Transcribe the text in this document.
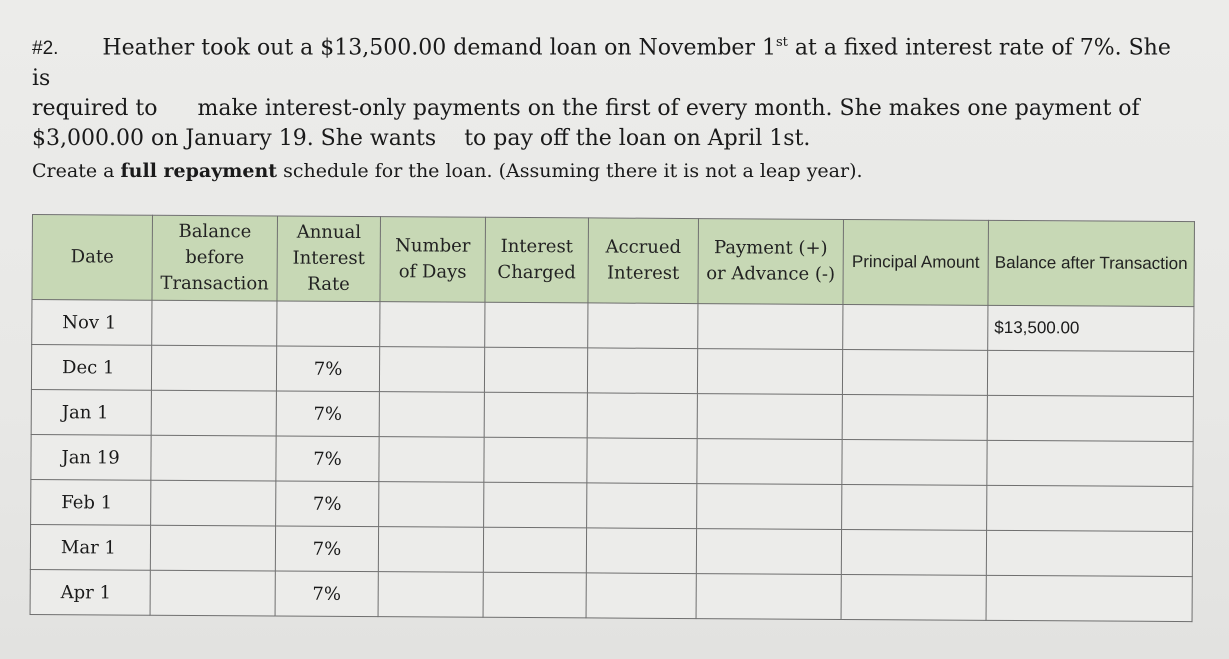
#2. Heather took out a $13,500.00 demand loan on November 1st at a fixed interest rate of 7%. She is
required to make interest-only payments on the first of every month. She makes one payment of
$3,000.00 on January 19. She wants to pay off the loan on April 1st.
Create a full repayment schedule for the loan. (Assuming there it is not a leap year).
Date	Balance before Transaction	Annual Interest Rate	Number of Days	Interest Charged	Accrued Interest	Payment (+) or Advance (-)	Principal Amount	Balance after Transaction
Nov 1								$13,500.00
Dec 1		7%						
Jan 1		7%						
Jan 19		7%						
Feb 1		7%						
Mar 1		7%						
Apr 1		7%						
